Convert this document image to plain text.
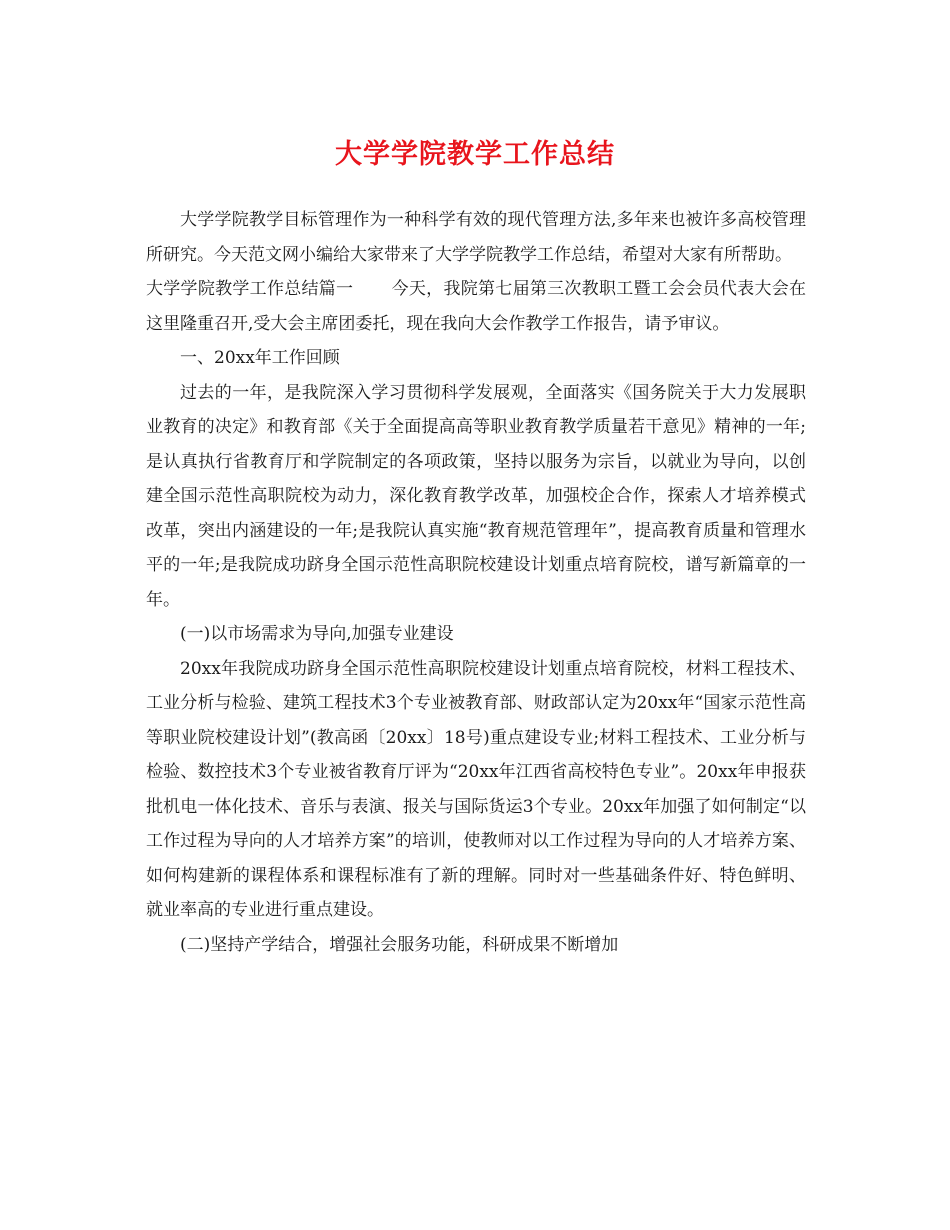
大学学院教学工作总结

大学学院教学目标管理作为一种科学有效的现代管理方法,多年来也被许多高校管理所研究。今天范文网小编给大家带来了大学学院教学工作总结，希望对大家有所帮助。

大学学院教学工作总结篇一 今天，我院第七届第三次教职工暨工会会员代表大会在这里隆重召开,受大会主席团委托，现在我向大会作教学工作报告，请予审议。

一、20xx年工作回顾

过去的一年，是我院深入学习贯彻科学发展观，全面落实《国务院关于大力发展职业教育的决定》和教育部《关于全面提高高等职业教育教学质量若干意见》精神的一年;是认真执行省教育厅和学院制定的各项政策，坚持以服务为宗旨，以就业为导向，以创建全国示范性高职院校为动力，深化教育教学改革，加强校企合作，探索人才培养模式改革，突出内涵建设的一年;是我院认真实施“教育规范管理年”，提高教育质量和管理水平的一年;是我院成功跻身全国示范性高职院校建设计划重点培育院校，谱写新篇章的一年。

(一)以市场需求为导向,加强专业建设

20xx年我院成功跻身全国示范性高职院校建设计划重点培育院校，材料工程技术、工业分析与检验、建筑工程技术3个专业被教育部、财政部认定为20xx年“国家示范性高等职业院校建设计划”(教高函〔20xx〕18号)重点建设专业;材料工程技术、工业分析与检验、数控技术3个专业被省教育厅评为“20xx年江西省高校特色专业”。20xx年申报获批机电一体化技术、音乐与表演、报关与国际货运3个专业。20xx年加强了如何制定“以工作过程为导向的人才培养方案”的培训，使教师对以工作过程为导向的人才培养方案、如何构建新的课程体系和课程标准有了新的理解。同时对一些基础条件好、特色鲜明、就业率高的专业进行重点建设。

(二)坚持产学结合，增强社会服务功能，科研成果不断增加
